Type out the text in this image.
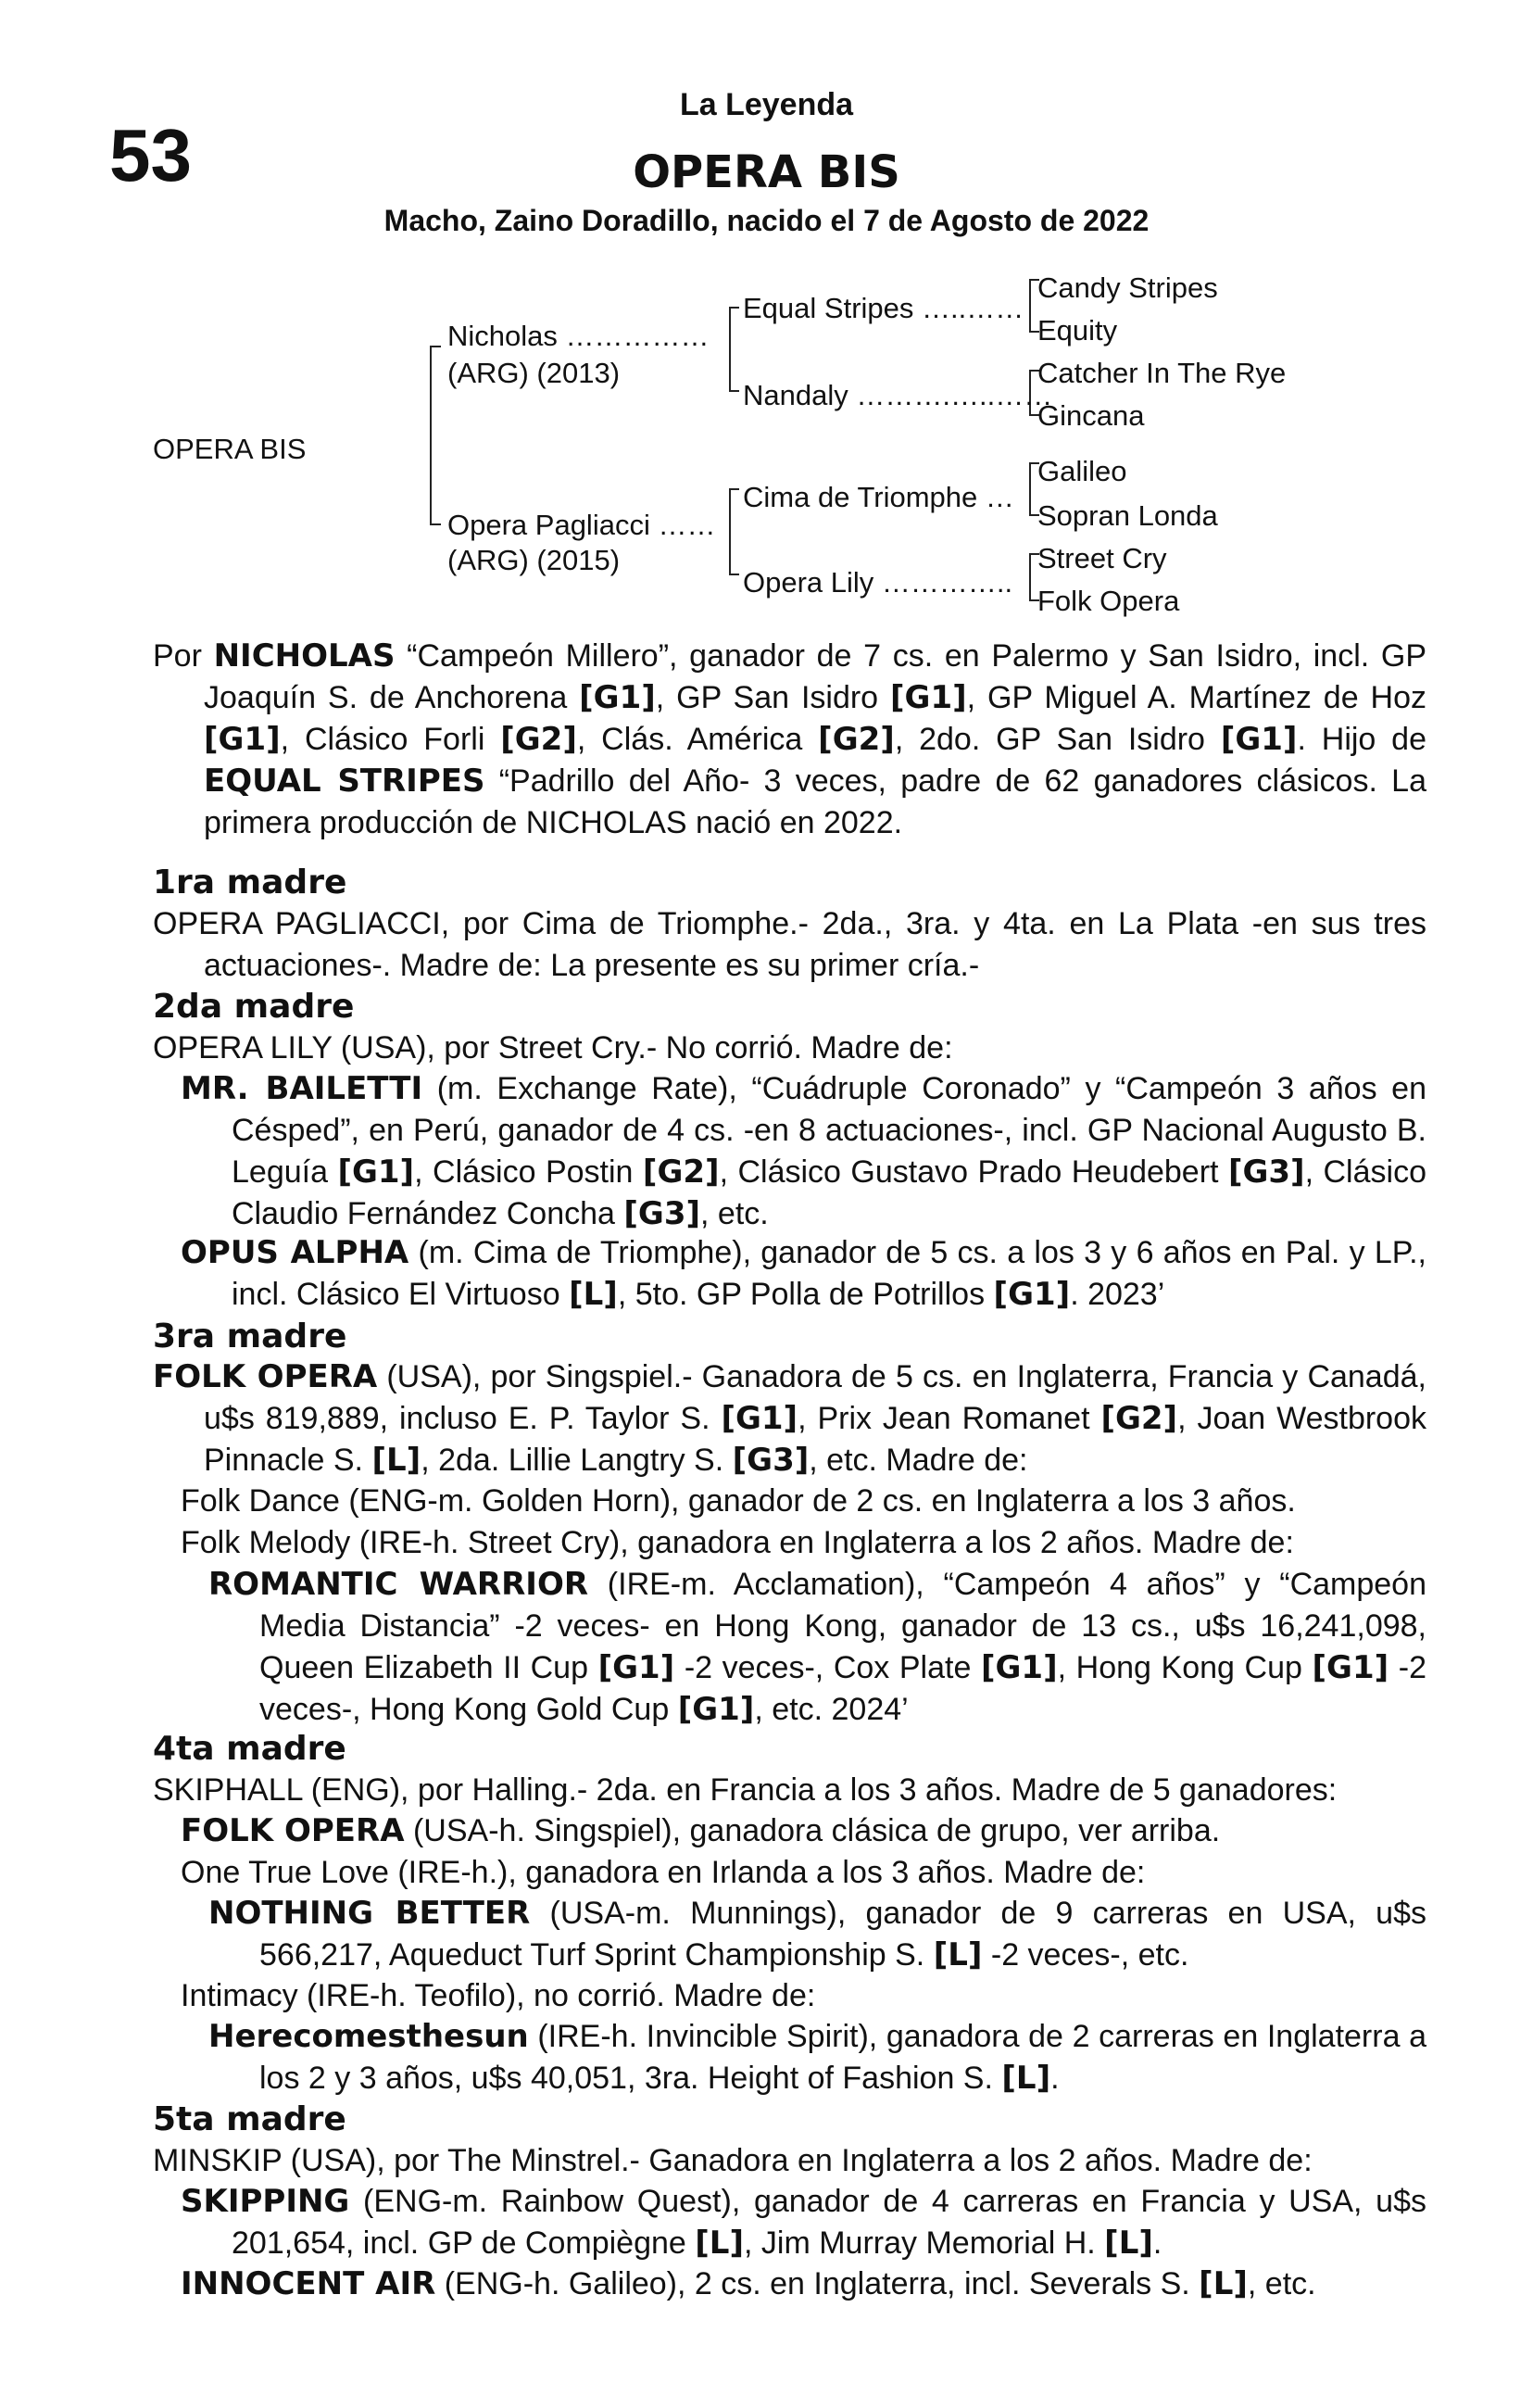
53
La Leyenda
OPERA BIS
Macho, Zaino Doradillo, nacido el 7 de Agosto de 2022
OPERA BIS
Nicholas ……………
(ARG) (2013)
Opera Pagliacci ……
(ARG) (2015)
Equal Stripes …..……
Nandaly ……….…..……
Cima de Triomphe …
Opera Lily …………..
Candy Stripes
Equity
Catcher In The Rye
Gincana
Galileo
Sopran Londa
Street Cry
Folk Opera
Por NICHOLAS “Campeón Millero”, ganador de 7 cs. en Palermo y San Isidro, incl. GP Joaquín S. de Anchorena [G1], GP San Isidro [G1], GP Miguel A. Martínez de Hoz [G1], Clásico Forli [G2], Clás. América [G2], 2do. GP San Isidro [G1]. Hijo de EQUAL STRIPES “Padrillo del Año- 3 veces, padre de 62 ganadores clásicos. La primera producción de NICHOLAS nació en 2022.
1ra madre
OPERA PAGLIACCI, por Cima de Triomphe.- 2da., 3ra. y 4ta. en La Plata -en sus tres actuaciones-. Madre de: La presente es su primer cría.-
2da madre
OPERA LILY (USA), por Street Cry.- No corrió. Madre de:
MR. BAILETTI (m. Exchange Rate), “Cuádruple Coronado” y “Campeón 3 años en Césped”, en Perú, ganador de 4 cs. -en 8 actuaciones-, incl. GP Nacional Augusto B. Leguía [G1], Clásico Postin [G2], Clásico Gustavo Prado Heudebert [G3], Clásico Claudio Fernández Concha [G3], etc.
OPUS ALPHA (m. Cima de Triomphe), ganador de 5 cs. a los 3 y 6 años en Pal. y LP., incl. Clásico El Virtuoso [L], 5to. GP Polla de Potrillos [G1]. 2023’
3ra madre
FOLK OPERA (USA), por Singspiel.- Ganadora de 5 cs. en Inglaterra, Francia y Canadá, u$s 819,889, incluso E. P. Taylor S. [G1], Prix Jean Romanet [G2], Joan Westbrook Pinnacle S. [L], 2da. Lillie Langtry S. [G3], etc. Madre de:
Folk Dance (ENG-m. Golden Horn), ganador de 2 cs. en Inglaterra a los 3 años.
Folk Melody (IRE-h. Street Cry), ganadora en Inglaterra a los 2 años. Madre de:
ROMANTIC WARRIOR (IRE-m. Acclamation), “Campeón 4 años” y “Campeón Media Distancia” -2 veces- en Hong Kong, ganador de 13 cs., u$s 16,241,098, Queen Elizabeth II Cup [G1] -2 veces-, Cox Plate [G1], Hong Kong Cup [G1] -2 veces-, Hong Kong Gold Cup [G1], etc. 2024’
4ta madre
SKIPHALL (ENG), por Halling.- 2da. en Francia a los 3 años. Madre de 5 ganadores:
FOLK OPERA (USA-h. Singspiel), ganadora clásica de grupo, ver arriba.
One True Love (IRE-h.), ganadora en Irlanda a los 3 años. Madre de:
NOTHING BETTER (USA-m. Munnings), ganador de 9 carreras en USA, u$s 566,217, Aqueduct Turf Sprint Championship S. [L] -2 veces-, etc.
Intimacy (IRE-h. Teofilo), no corrió. Madre de:
Herecomesthesun (IRE-h. Invincible Spirit), ganadora de 2 carreras en Inglaterra a los 2 y 3 años, u$s 40,051, 3ra. Height of Fashion S. [L].
5ta madre
MINSKIP (USA), por The Minstrel.- Ganadora en Inglaterra a los 2 años. Madre de:
SKIPPING (ENG-m. Rainbow Quest), ganador de 4 carreras en Francia y USA, u$s 201,654, incl. GP de Compiègne [L], Jim Murray Memorial H. [L].
INNOCENT AIR (ENG-h. Galileo), 2 cs. en Inglaterra, incl. Severals S. [L], etc.
